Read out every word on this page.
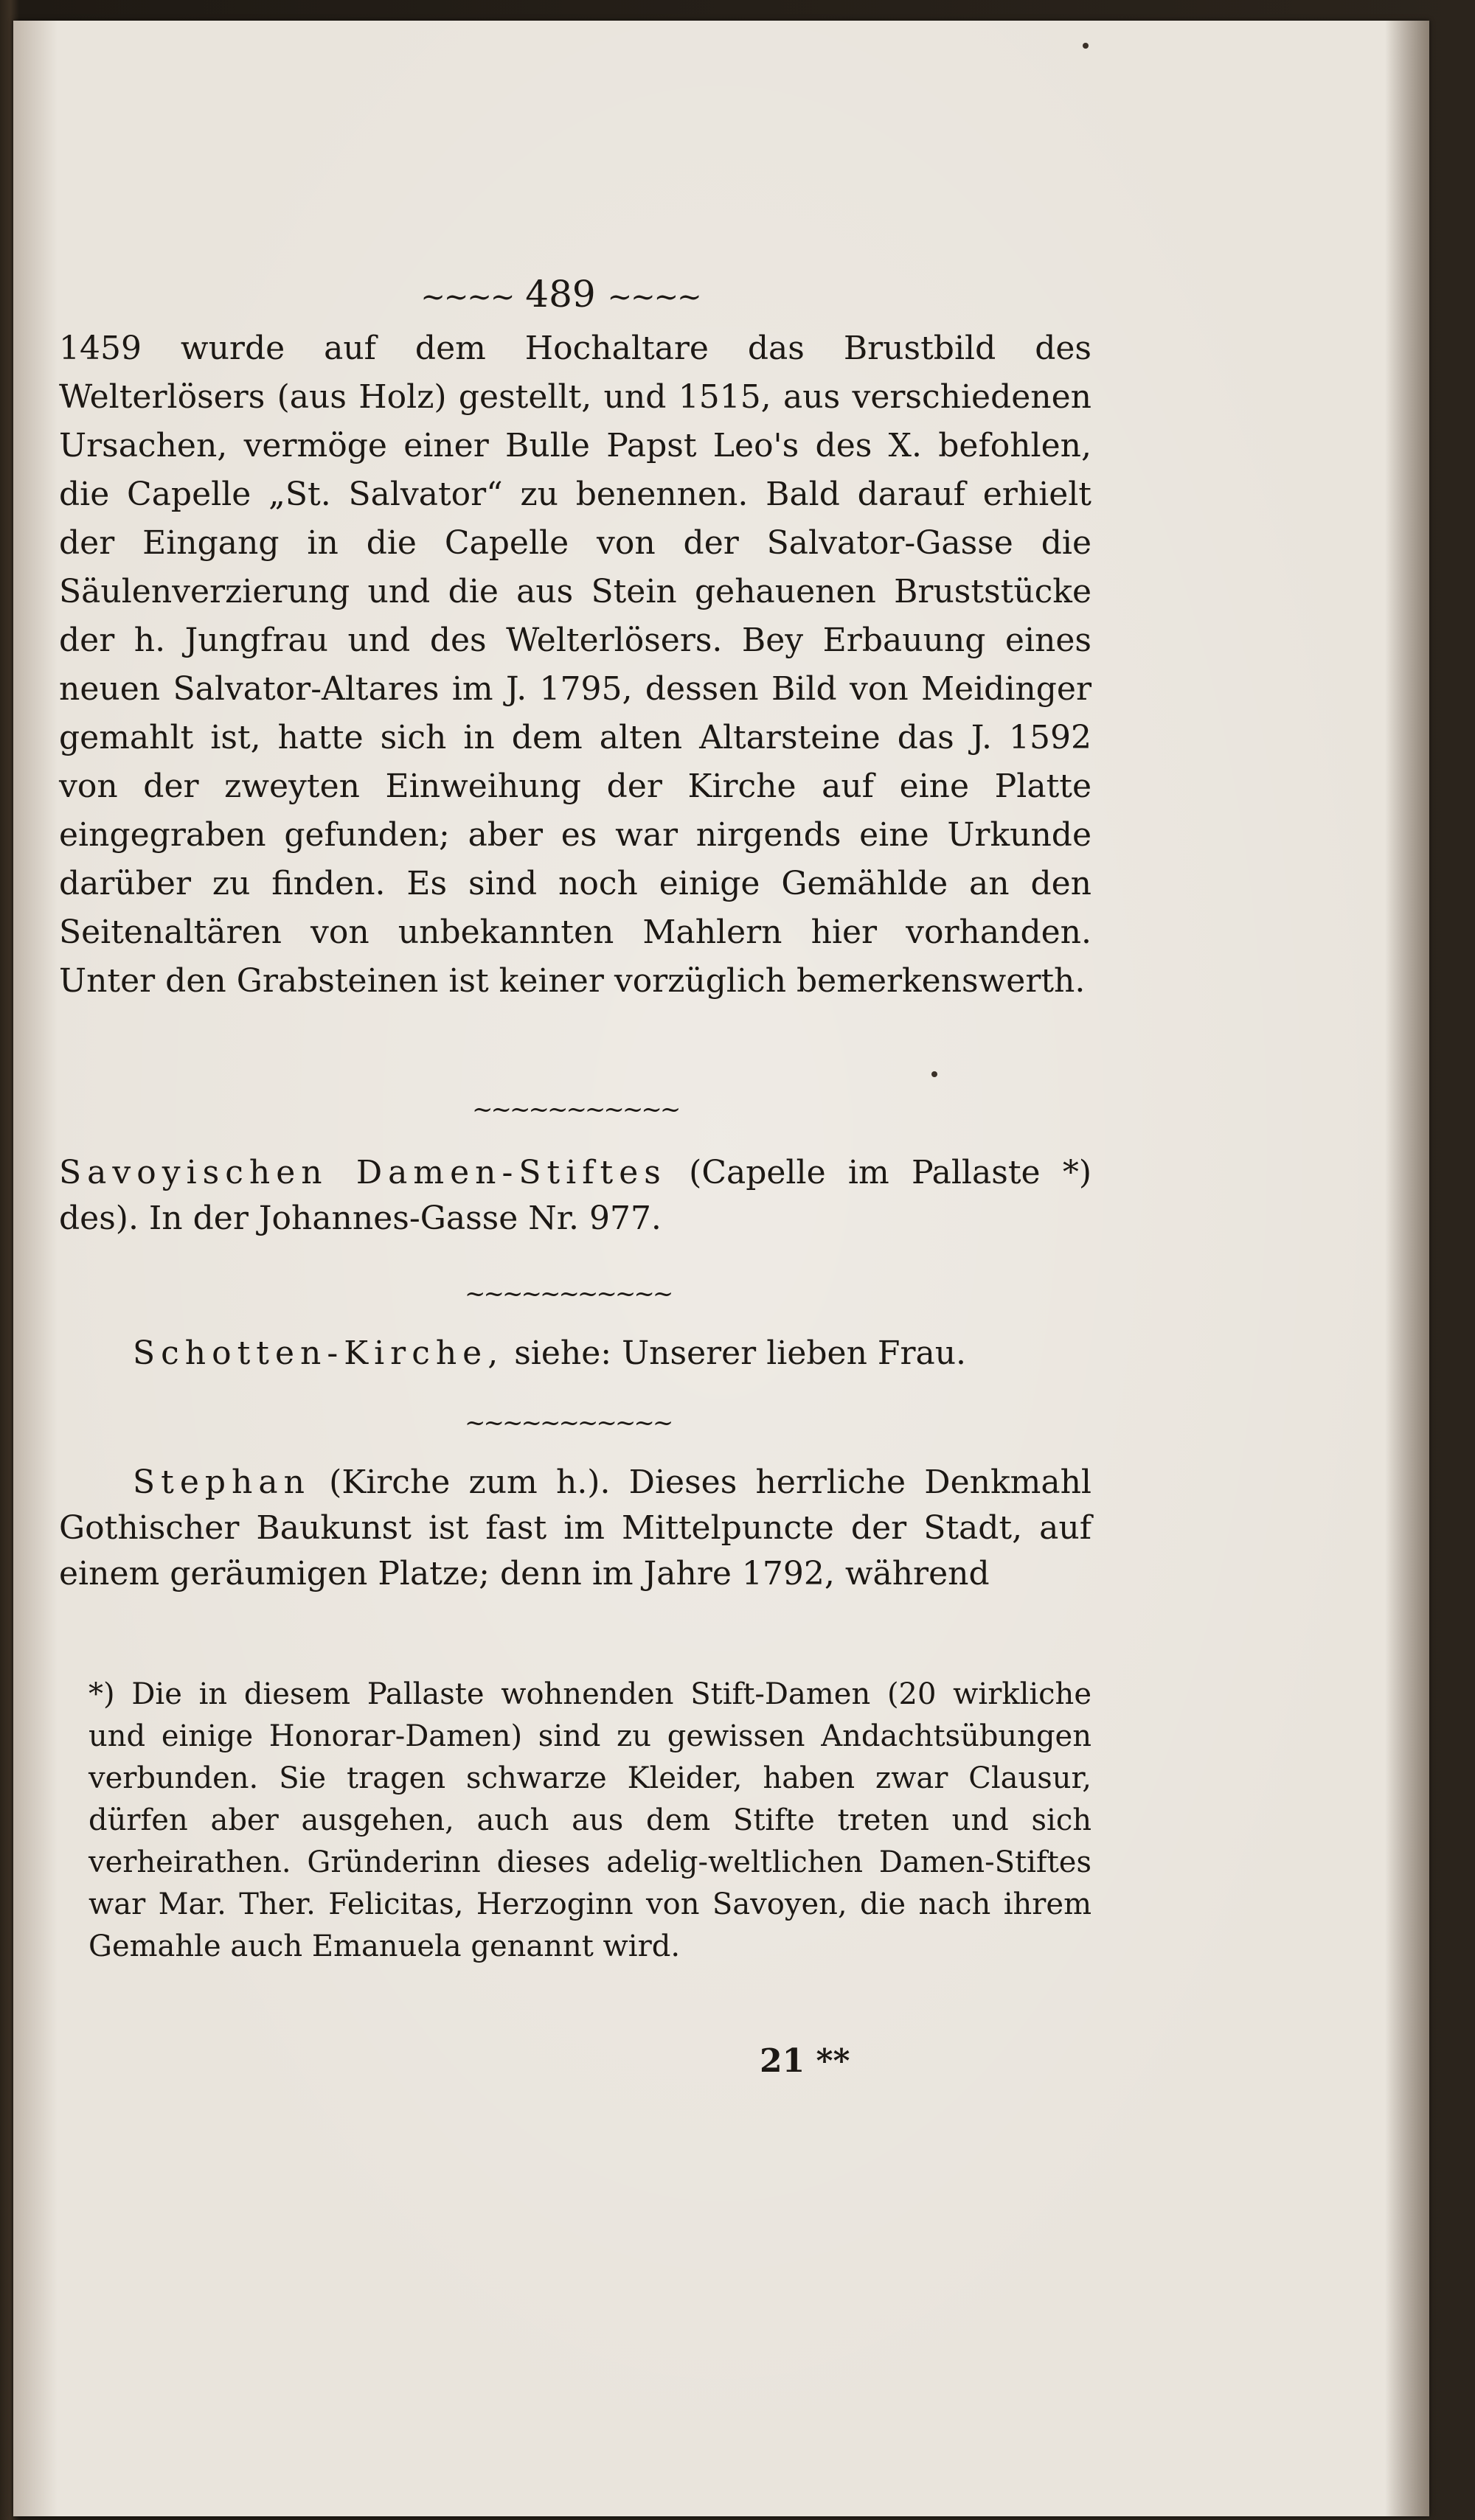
~~~~ 489 ~~~~
1459 wurde auf dem Hochaltare das Brustbild des Welterlösers (aus Holz) gestellt, und 1515, aus verschiedenen Ursachen, vermöge einer Bulle Papst Leo's des X. befohlen, die Capelle „St. Salvator“ zu benennen. Bald darauf erhielt der Eingang in die Capelle von der Salvator-Gasse die Säulenverzierung und die aus Stein gehauenen Bruststücke der h. Jungfrau und des Welterlösers. Bey Erbauung eines neuen Salvator-Altares im J. 1795, dessen Bild von Meidinger gemahlt ist, hatte sich in dem alten Altarsteine das J. 1592 von der zweyten Einweihung der Kirche auf eine Platte eingegraben gefunden; aber es war nirgends eine Urkunde darüber zu finden. Es sind noch einige Gemählde an den Seitenaltären von unbekannten Mahlern hier vorhanden. Unter den Grabsteinen ist keiner vorzüglich bemerkenswerth.
~~~~~~~~~~~
Savoyischen Damen-Stiftes (Capelle im Pallaste *) des). In der Johannes-Gasse Nr. 977.
~~~~~~~~~~~
Schotten-Kirche, siehe: Unserer lieben Frau.
~~~~~~~~~~~
Stephan (Kirche zum h.). Dieses herrliche Denkmahl Gothischer Baukunst ist fast im Mittelpuncte der Stadt, auf einem geräumigen Platze; denn im Jahre 1792, während
*) Die in diesem Pallaste wohnenden Stift-Damen (20 wirkliche und einige Honorar-Damen) sind zu gewissen Andachtsübungen verbunden. Sie tragen schwarze Kleider, haben zwar Clausur, dürfen aber ausgehen, auch aus dem Stifte treten und sich verheirathen. Gründerinn dieses adelig-weltlichen Damen-Stiftes war Mar. Ther. Felicitas, Herzoginn von Savoyen, die nach ihrem Gemahle auch Emanuela genannt wird.
21 **
